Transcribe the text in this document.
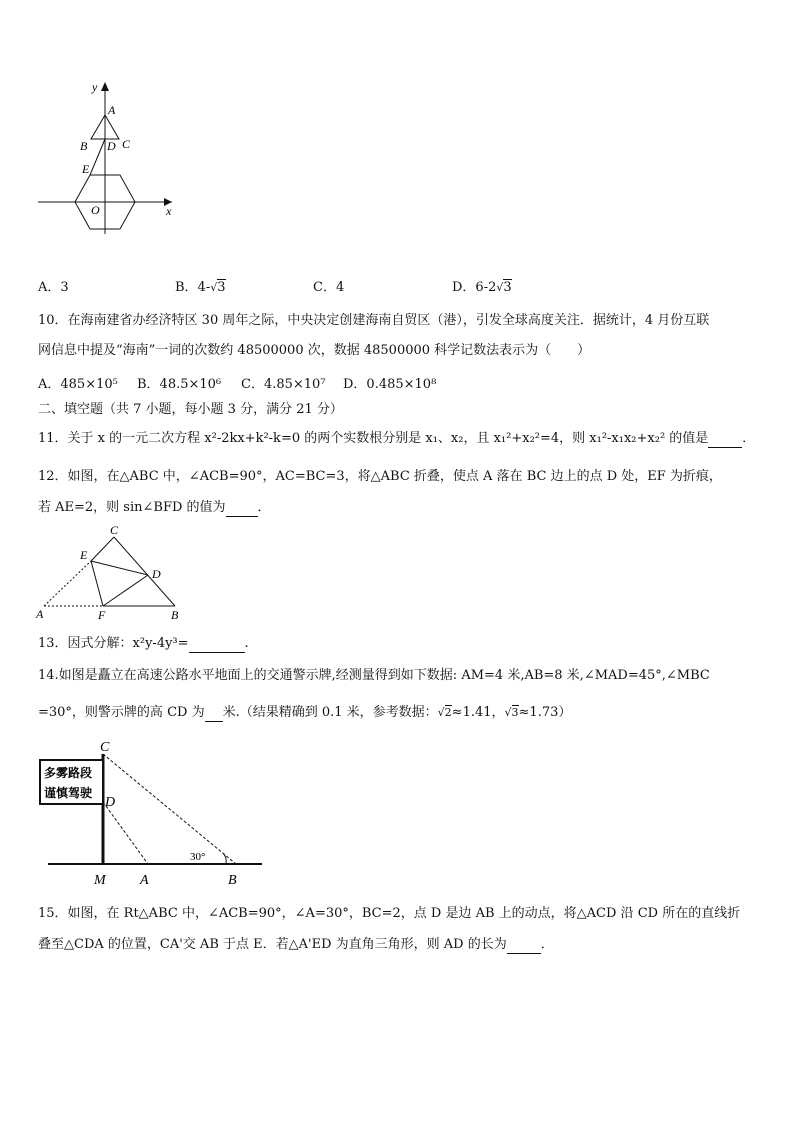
y
A
B D C
E
O	x
A．3	B．4-√3	C．4	D．6-2√3
10．在海南建省办经济特区 30 周年之际，中央决定创建海南自贸区（港），引发全球高度关注．据统计，4 月份互联
网信息中提及“海南”一词的次数约 48500000 次，数据 48500000 科学记数法表示为（　　）
A．485×10⁵ B．48.5×10⁶ C．4.85×10⁷ D．0.485×10⁸
二、填空题（共 7 小题，每小题 3 分，满分 21 分）
11．关于 x 的一元二次方程 x²-2kx+k²-k=0 的两个实数根分别是 x₁、x₂，且 x₁²+x₂²=4，则 x₁²-x₁x₂+x₂² 的值是	．
12．如图，在△ABC 中，∠ACB=90°，AC=BC=3，将△ABC 折叠，使点 A 落在 BC 边上的点 D 处，EF 为折痕，
若 AE=2，则 sin∠BFD 的值为 ．
C
E
D
A	F	B
13．因式分解：x²y-4y³=	.
14.如图是矗立在高速公路水平地面上的交通警示牌,经测量得到如下数据: AM=4 米,AB=8 米,∠MAD=45°,∠MBC
=30°，则警示牌的高 CD 为 米.（结果精确到 0.1 米，参考数据：√2≈1.41，√3≈1.73）
多雾路段
谨慎驾驶
C
D
M A	B
30°
15．如图，在 Rt△ABC 中，∠ACB=90°，∠A=30°，BC=2，点 D 是边 AB 上的动点，将△ACD 沿 CD 所在的直线折
叠至△CDA 的位置，CA'交 AB 于点 E．若△A'ED 为直角三角形，则 AD 的长为	．
